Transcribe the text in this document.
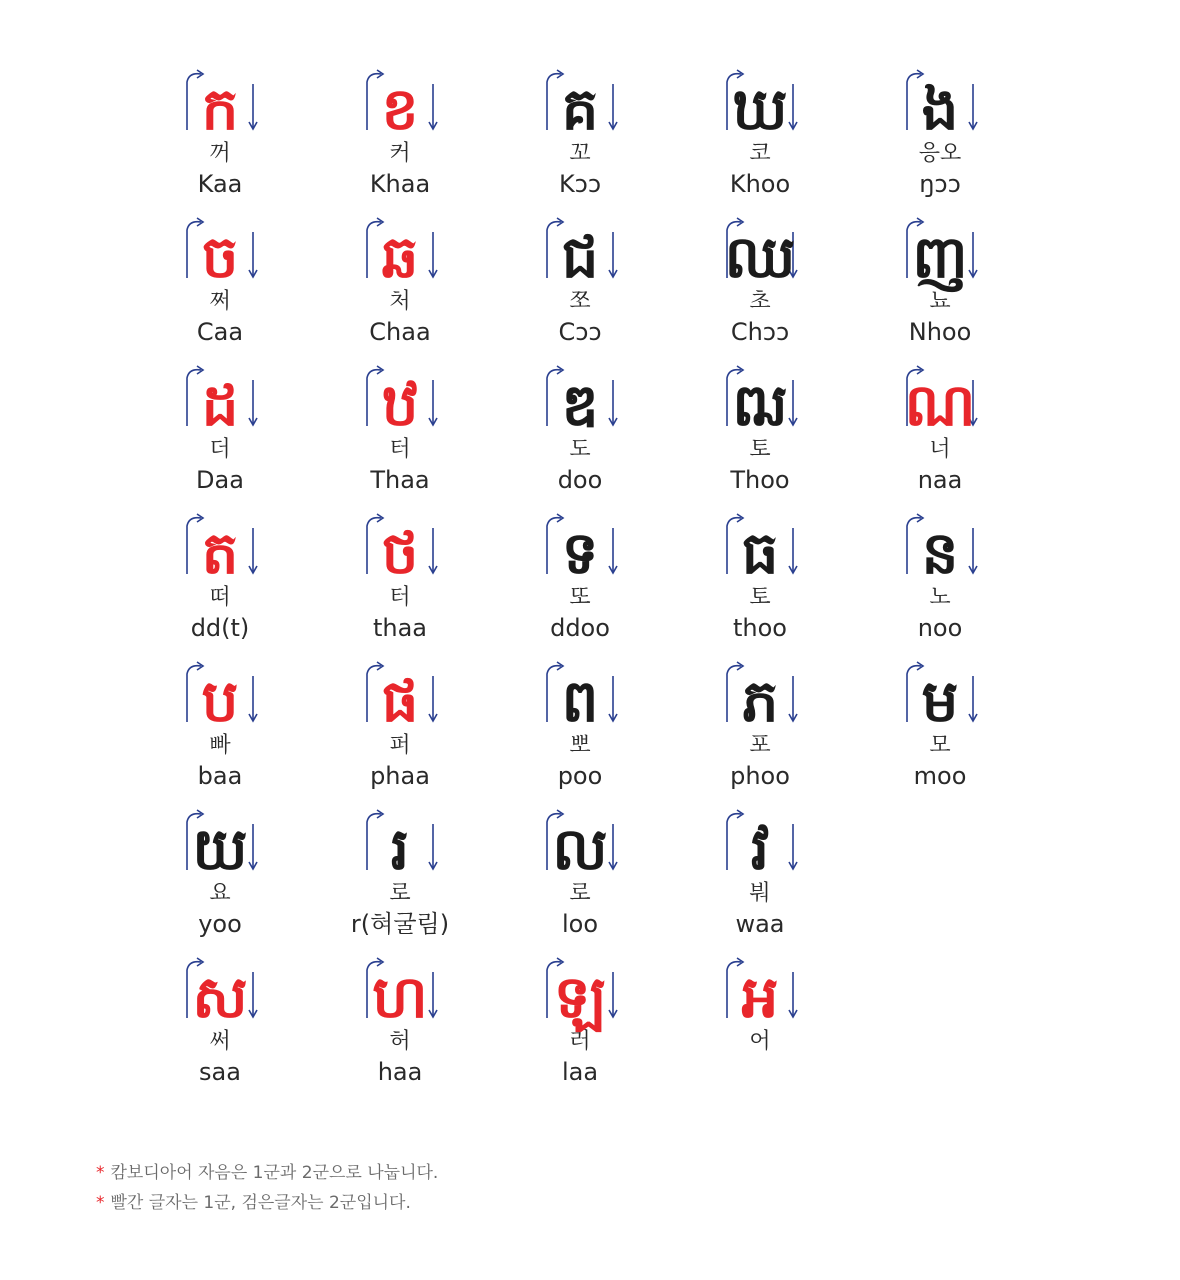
ក
꺼
Kaa
ខ
커
Khaa
គ
꼬
Kɔɔ
ឃ
코
Khoo
ង
응오
ŋɔɔ
ច
쩌
Caa
ឆ
처
Chaa
ជ
쪼
Cɔɔ
ឈ
초
Chɔɔ
ញ
뇨
Nhoo
ដ
더
Daa
ឋ
터
Thaa
ឌ
도
doo
ឍ
토
Thoo
ណ
너
naa
ត
떠
dd(t)
ថ
터
thaa
ទ
또
ddoo
ធ
토
thoo
ន
노
noo
ប
빠
baa
ផ
퍼
phaa
ព
뽀
poo
ភ
포
phoo
ម
모
moo
យ
요
yoo
រ
로
r(혀굴림)
ល
로
loo
វ
붜
waa
ស
써
saa
ហ
허
haa
ឡ
러
laa
អ
어
* 캄보디아어 자음은 1군과 2군으로 나눕니다.
* 빨간 글자는 1군, 검은글자는 2군입니다.
